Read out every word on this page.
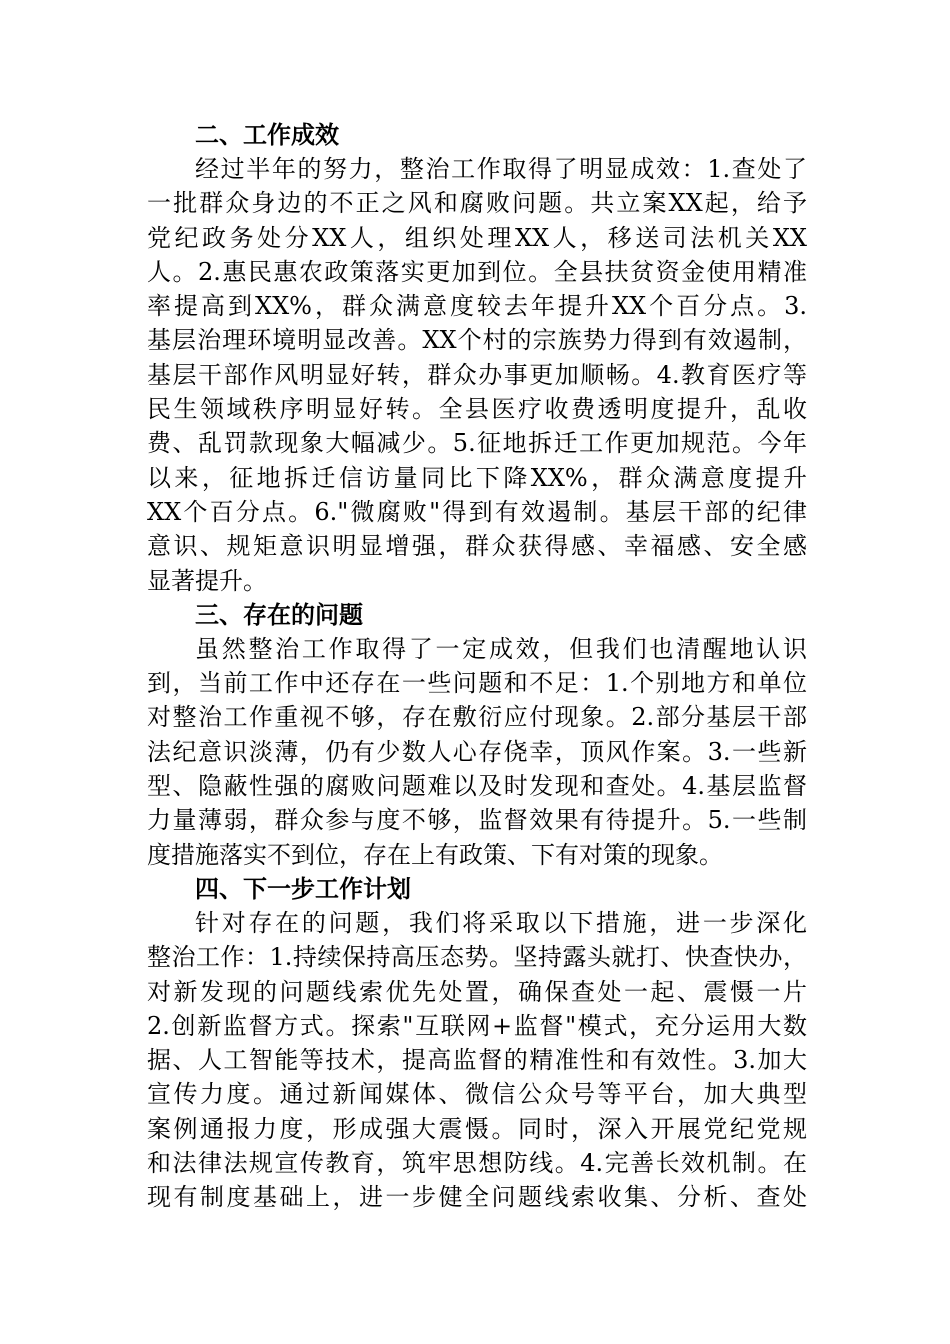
二、工作成效

经过半年的努力，整治工作取得了明显成效：1.查处了
一批群众身边的不正之风和腐败问题。共立案XX起，给予
党纪政务处分XX人，组织处理XX人，移送司法机关XX
人。2.惠民惠农政策落实更加到位。全县扶贫资金使用精准
率提高到XX%，群众满意度较去年提升XX个百分点。3.
基层治理环境明显改善。XX个村的宗族势力得到有效遏制，
基层干部作风明显好转，群众办事更加顺畅。4.教育医疗等
民生领域秩序明显好转。全县医疗收费透明度提升，乱收
费、乱罚款现象大幅减少。5.征地拆迁工作更加规范。今年
以来，征地拆迁信访量同比下降XX%，群众满意度提升
XX个百分点。6."微腐败"得到有效遏制。基层干部的纪律
意识、规矩意识明显增强，群众获得感、幸福感、安全感
显著提升。

三、存在的问题

虽然整治工作取得了一定成效，但我们也清醒地认识
到，当前工作中还存在一些问题和不足：1.个别地方和单位
对整治工作重视不够，存在敷衍应付现象。2.部分基层干部
法纪意识淡薄，仍有少数人心存侥幸，顶风作案。3.一些新
型、隐蔽性强的腐败问题难以及时发现和查处。4.基层监督
力量薄弱，群众参与度不够，监督效果有待提升。5.一些制
度措施落实不到位，存在上有政策、下有对策的现象。

四、下一步工作计划

针对存在的问题，我们将采取以下措施，进一步深化
整治工作：1.持续保持高压态势。坚持露头就打、快查快办，
对新发现的问题线索优先处置，确保查处一起、震慑一片
2.创新监督方式。探索"互联网+监督"模式，充分运用大数
据、人工智能等技术，提高监督的精准性和有效性。3.加大
宣传力度。通过新闻媒体、微信公众号等平台，加大典型
案例通报力度，形成强大震慑。同时，深入开展党纪党规
和法律法规宣传教育，筑牢思想防线。4.完善长效机制。在
现有制度基础上，进一步健全问题线索收集、分析、查处
